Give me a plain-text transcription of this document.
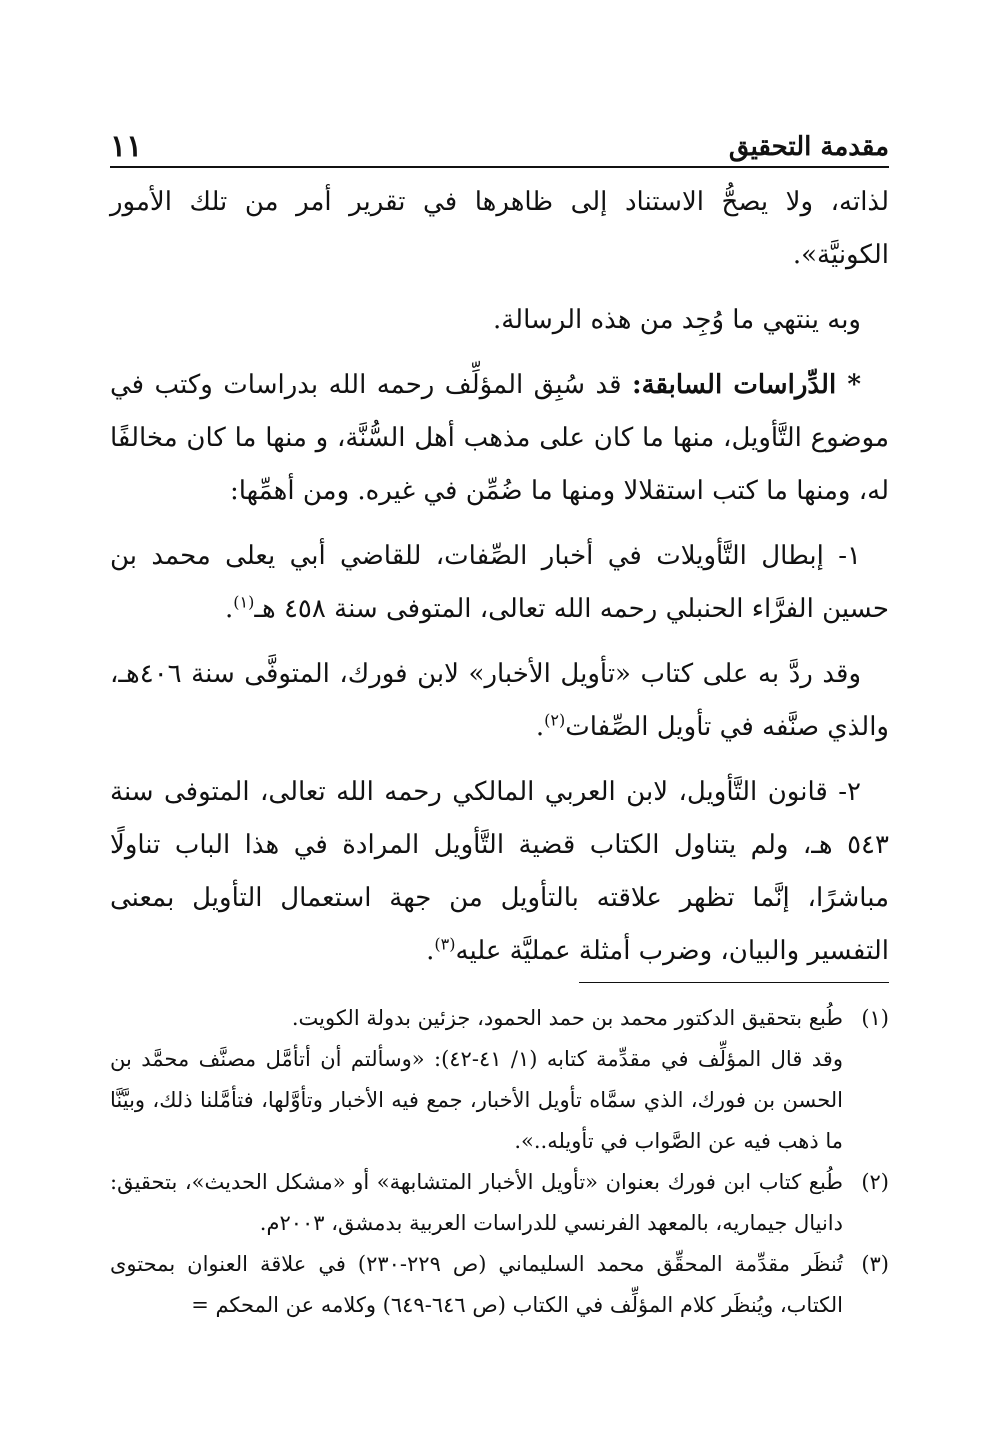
١١	مقدمة التحقيق

لذاته، ولا يصحُّ الاستناد إلى ظاهرها في تقرير أمر من تلك الأمور الكونيَّة».

وبه ينتهي ما وُجِد من هذه الرسالة.

* الدِّراسات السابقة: قد سُبِق المؤلِّف رحمه الله بدراسات وكتب في موضوع التَّأويل، منها ما كان على مذهب أهل السُّنَّة، و منها ما كان مخالفًا له، ومنها ما كتب استقلالا ومنها ما ضُمِّن في غيره. ومن أهمِّها:

١- إبطال التَّأويلات في أخبار الصِّفات، للقاضي أبي يعلى محمد بن حسين الفرَّاء الحنبلي رحمه الله تعالى، المتوفى سنة ٤٥٨ هـ$^{(١)}$.

وقد ردَّ به على كتاب «تأويل الأخبار» لابن فورك، المتوفَّى سنة ٤٠٦هـ، والذي صنَّفه في تأويل الصِّفات$^{(٢)}$.

٢- قانون التَّأويل، لابن العربي المالكي رحمه الله تعالى، المتوفى سنة ٥٤٣ هـ، ولم يتناول الكتاب قضية التَّأويل المرادة في هذا الباب تناولًا مباشرًا، إنَّما تظهر علاقته بالتأويل من جهة استعمال التأويل بمعنى التفسير والبيان، وضرب أمثلة عمليَّة عليه$^{(٣)}$.

(١)
طُبع بتحقيق الدكتور محمد بن حمد الحمود، جزئين بدولة الكويت.
وقد قال المؤلِّف في مقدِّمة كتابه (١/ ٤١-٤٢): «وسألتم أن أتأمَّل مصنَّف محمَّد بن الحسن بن فورك، الذي سمَّاه تأويل الأخبار، جمع فيه الأخبار وتأوَّلها، فتأمَّلنا ذلك، وبيَّنَّا ما ذهب فيه عن الصَّواب في تأويله..».
(٢)
طُبع كتاب ابن فورك بعنوان «تأويل الأخبار المتشابهة» أو «مشكل الحديث»، بتحقيق: دانيال جيماريه، بالمعهد الفرنسي للدراسات العربية بدمشق، ٢٠٠٣م.
(٣)
تُنظَر مقدِّمة المحقِّق محمد السليماني (ص ٢٢٩-٢٣٠) في علاقة العنوان بمحتوى الكتاب، ويُنظَر كلام المؤلِّف في الكتاب (ص ٦٤٦-٦٤٩) وكلامه عن المحكم =
